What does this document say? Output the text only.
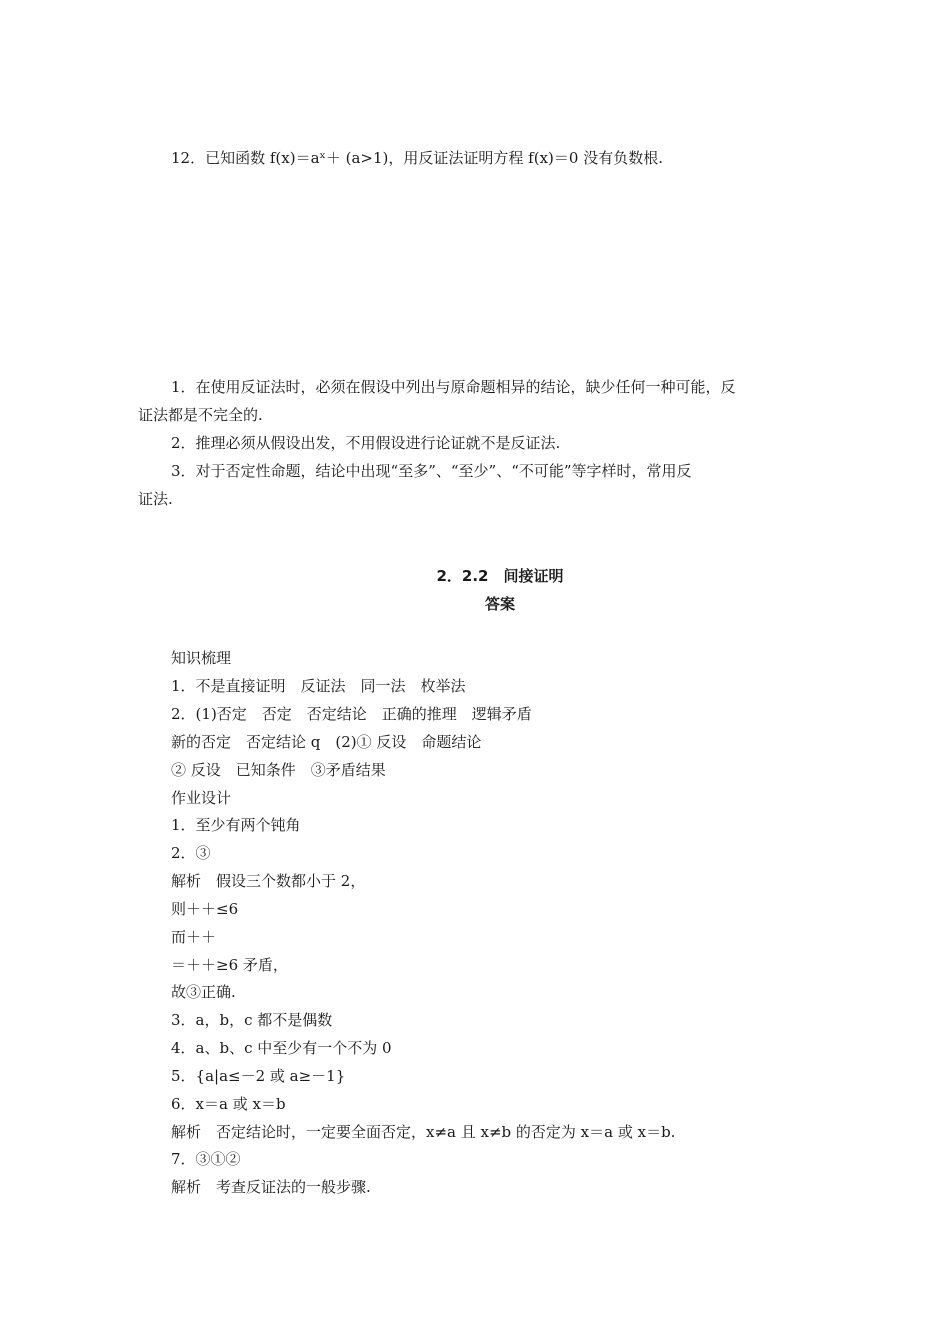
12．已知函数 f(x)＝aˣ＋ (a>1)，用反证法证明方程 f(x)＝0 没有负数根.
1．在使用反证法时，必须在假设中列出与原命题相异的结论，缺少任何一种可能，反
证法都是不完全的.
2．推理必须从假设出发，不用假设进行论证就不是反证法.
3．对于否定性命题，结论中出现“至多”、“至少”、“不可能”等字样时，常用反
证法.
2．2.2　间接证明
答案
知识梳理
1．不是直接证明　反证法　同一法　枚举法
2．(1)否定　否定　否定结论　正确的推理　逻辑矛盾
新的否定　否定结论 q　(2)① 反设　命题结论
② 反设　已知条件　③矛盾结果
作业设计
1．至少有两个钝角
2．③
解析　假设三个数都小于 2，
则＋＋≤6
而＋＋
＝＋＋≥6 矛盾，
故③正确.
3．a，b，c 都不是偶数
4．a、b、c 中至少有一个不为 0
5．{a|a≤－2 或 a≥－1}
6．x＝a 或 x＝b
解析　否定结论时，一定要全面否定，x≠a 且 x≠b 的否定为 x＝a 或 x＝b.
7．③①②
解析　考查反证法的一般步骤.
